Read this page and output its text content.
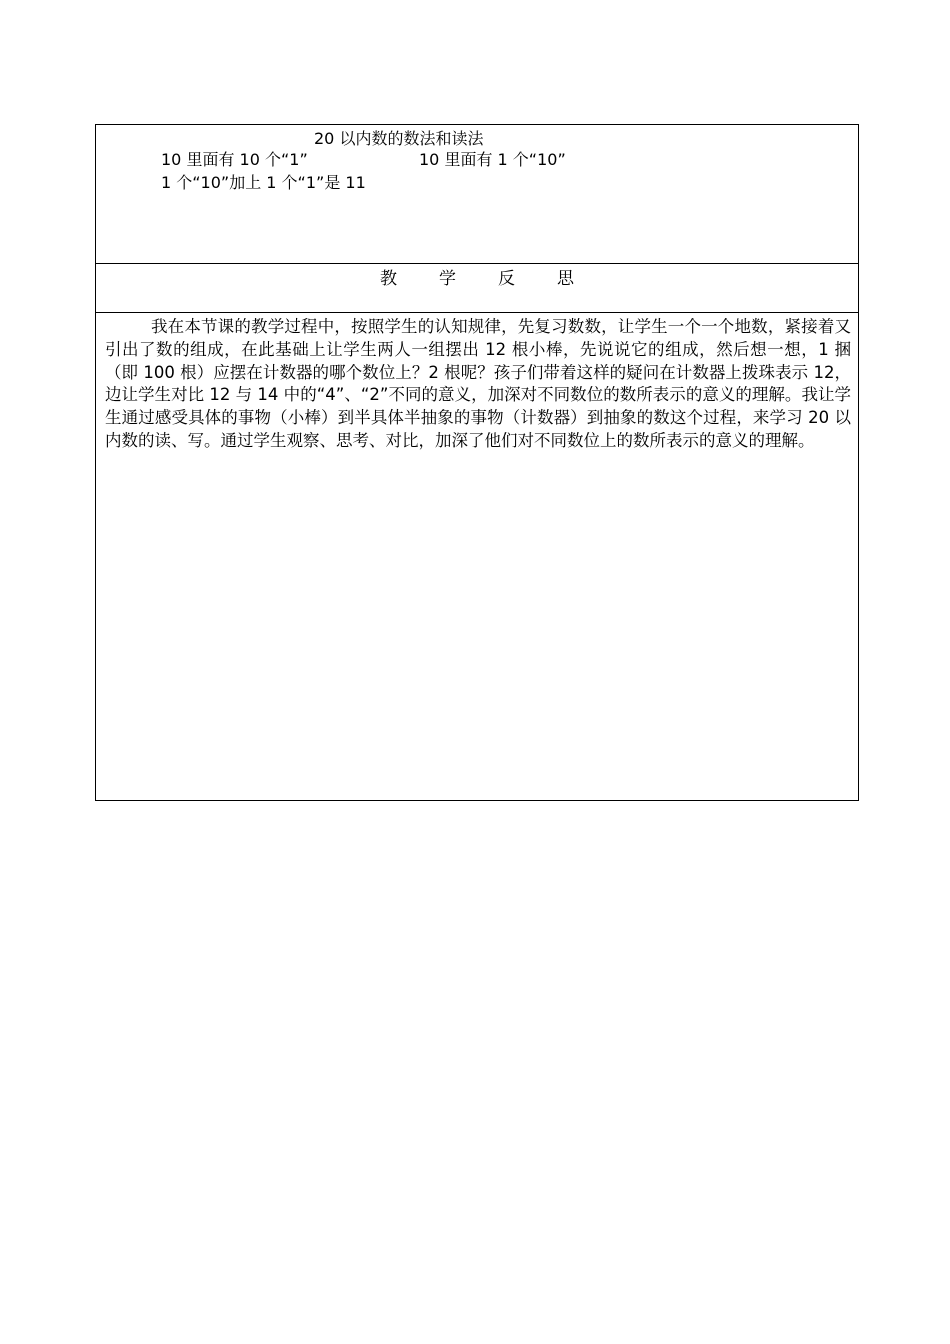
20 以内数的数法和读法
10 里面有 10 个“1”	10 里面有 1 个“10”
1 个“10”加上 1 个“1”是 11
教学反思

我在本节课的教学过程中，按照学生的认知规律，先复习数数，让学生一个一个地数，紧接着又引出了数的组成，在此基础上让学生两人一组摆出 12 根小棒，先说说它的组成，然后想一想，1 捆（即 100 根）应摆在计数器的哪个数位上？2 根呢？孩子们带着这样的疑问在计数器上拨珠表示 12，边让学生对比 12 与 14 中的“4”、“2”不同的意义，加深对不同数位的数所表示的意义的理解。我让学生通过感受具体的事物（小棒）到半具体半抽象的事物（计数器）到抽象的数这个过程，来学习 20 以内数的读、写。通过学生观察、思考、对比，加深了他们对不同数位上的数所表示的意义的理解。
